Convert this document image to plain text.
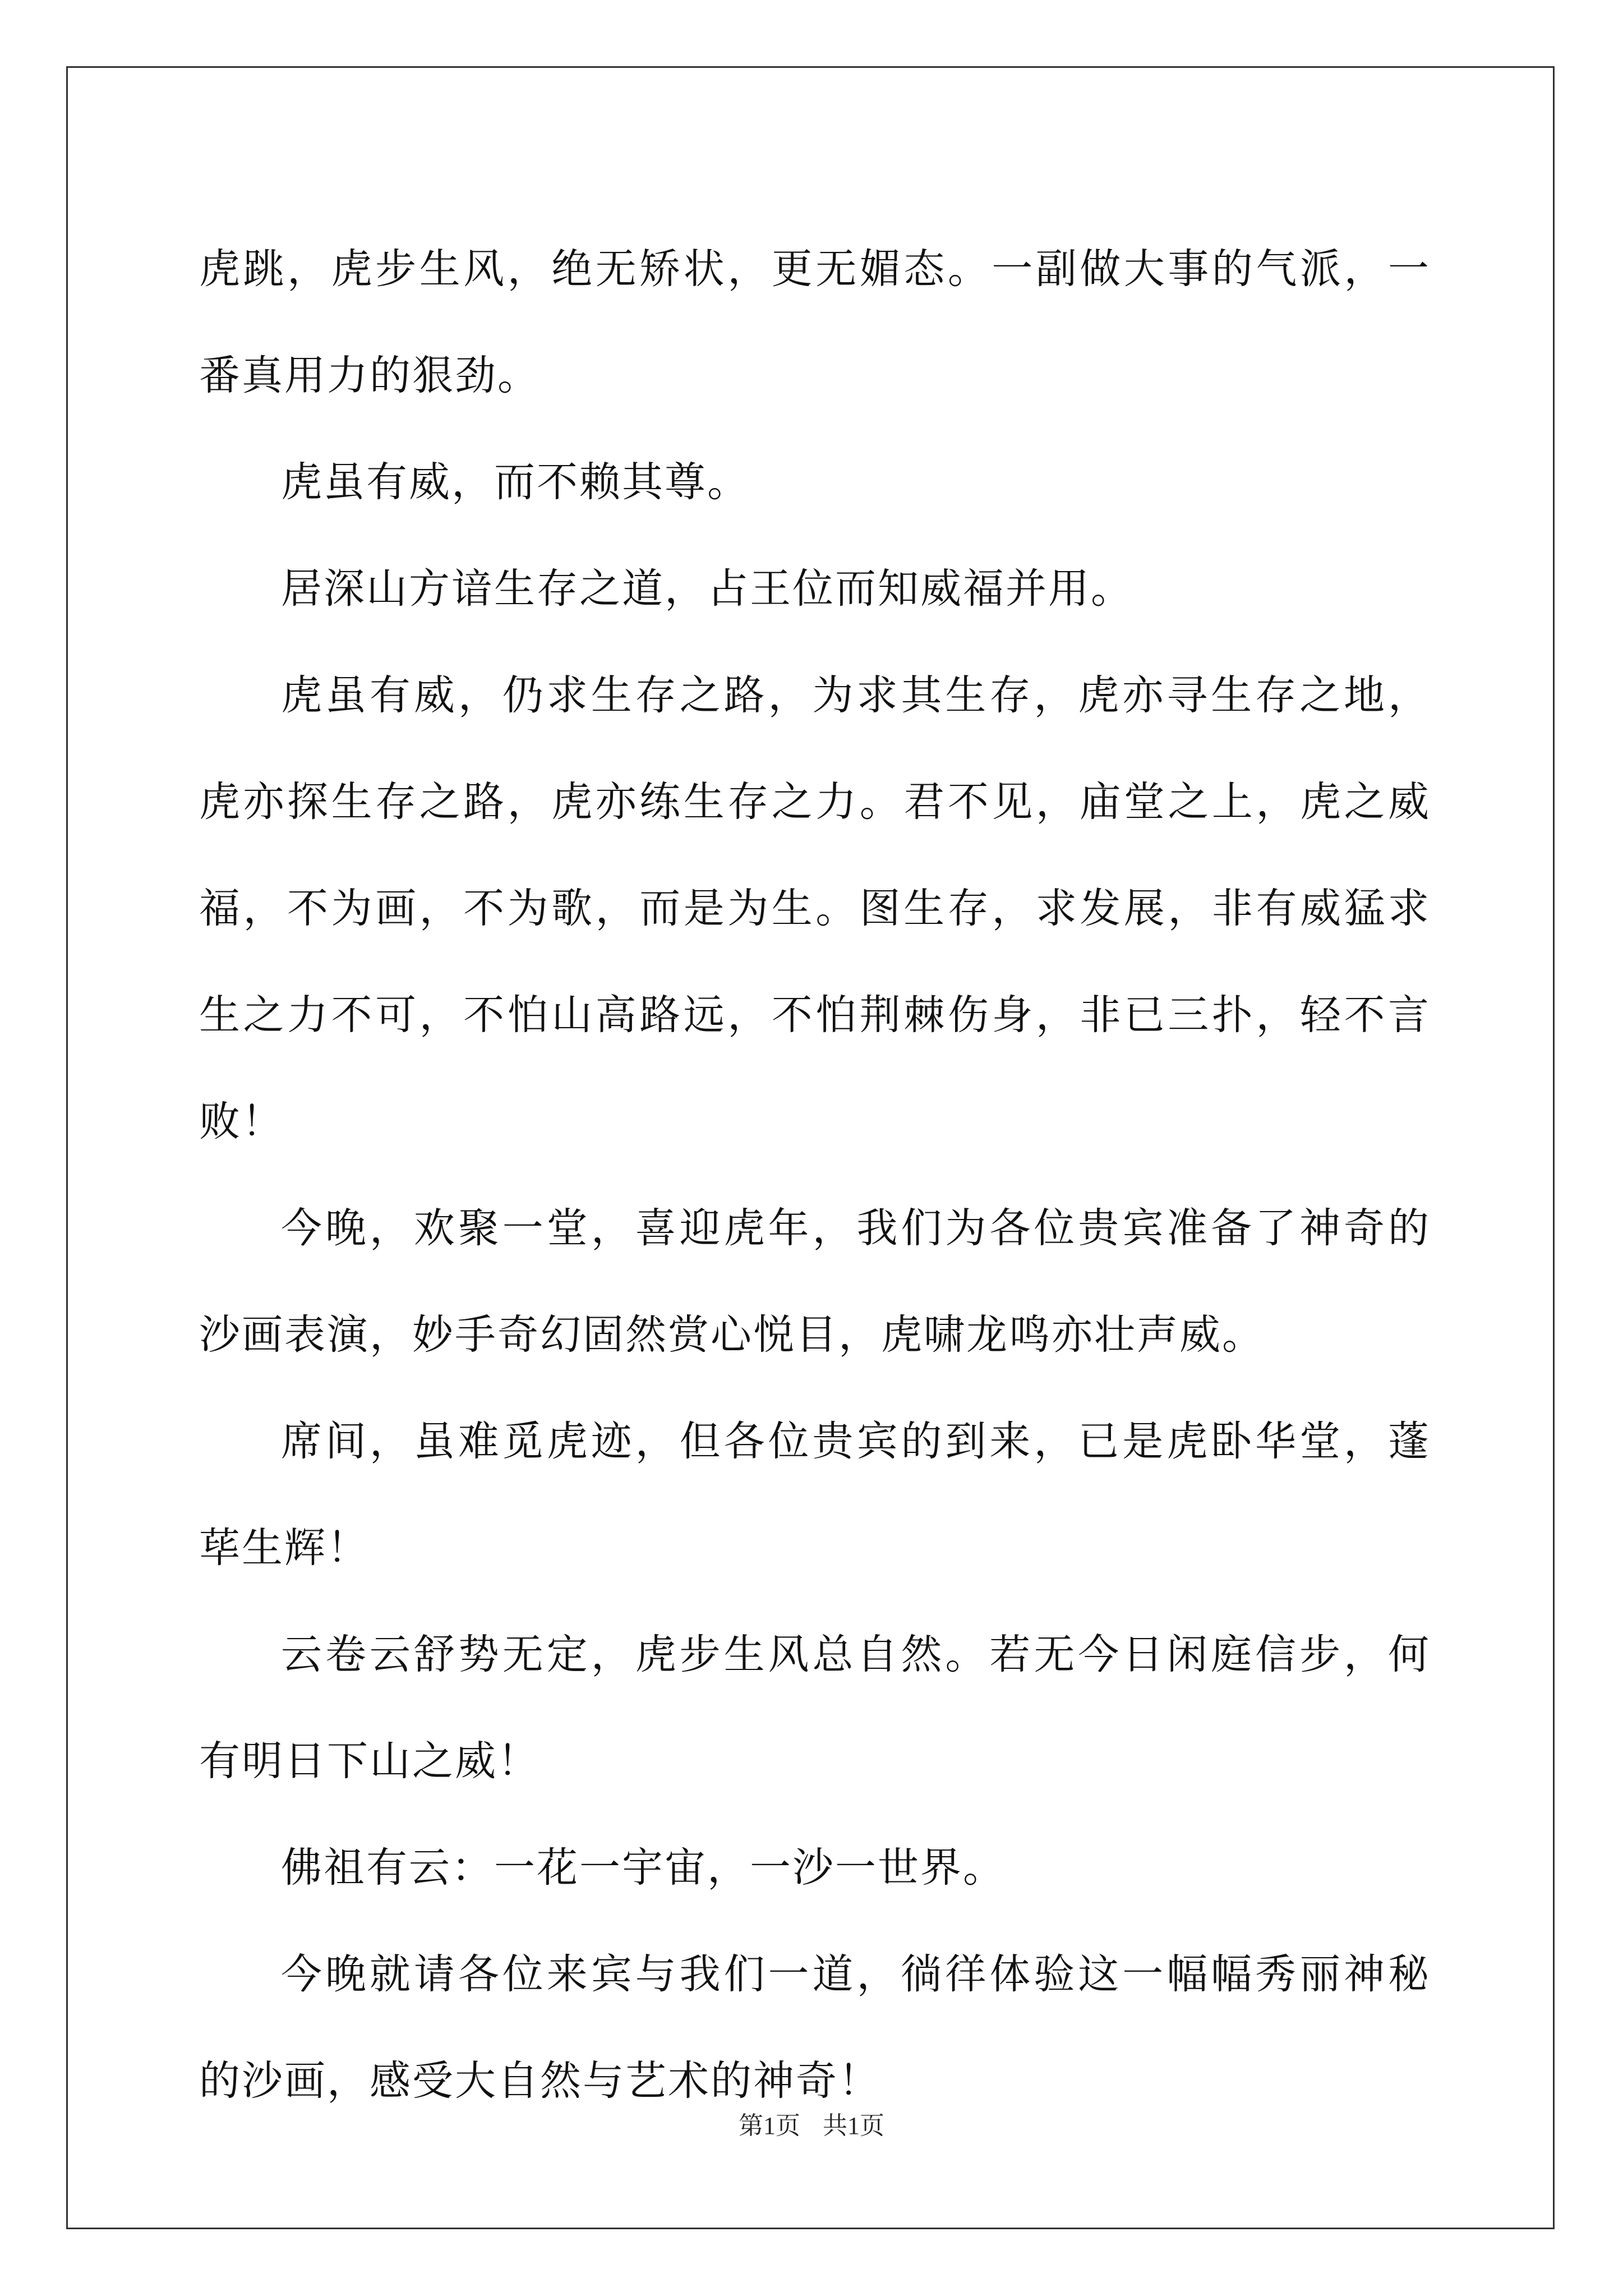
虎跳，虎步生风，绝无矫状，更无媚态。一副做大事的气派，一番真用力的狠劲。

虎虽有威，而不赖其尊。

居深山方谙生存之道，占王位而知威福并用。

虎虽有威，仍求生存之路，为求其生存，虎亦寻生存之地，虎亦探生存之路，虎亦练生存之力。君不见，庙堂之上，虎之威福，不为画，不为歌，而是为生。图生存，求发展，非有威猛求生之力不可，不怕山高路远，不怕荆棘伤身，非已三扑，轻不言败！

今晚，欢聚一堂，喜迎虎年，我们为各位贵宾准备了神奇的沙画表演，妙手奇幻固然赏心悦目，虎啸龙鸣亦壮声威。

席间，虽难觅虎迹，但各位贵宾的到来，已是虎卧华堂，蓬荜生辉！

云卷云舒势无定，虎步生风总自然。若无今日闲庭信步，何有明日下山之威！

佛祖有云：一花一宇宙，一沙一世界。

今晚就请各位来宾与我们一道，徜徉体验这一幅幅秀丽神秘的沙画，感受大自然与艺术的神奇！

第1页 共1页
